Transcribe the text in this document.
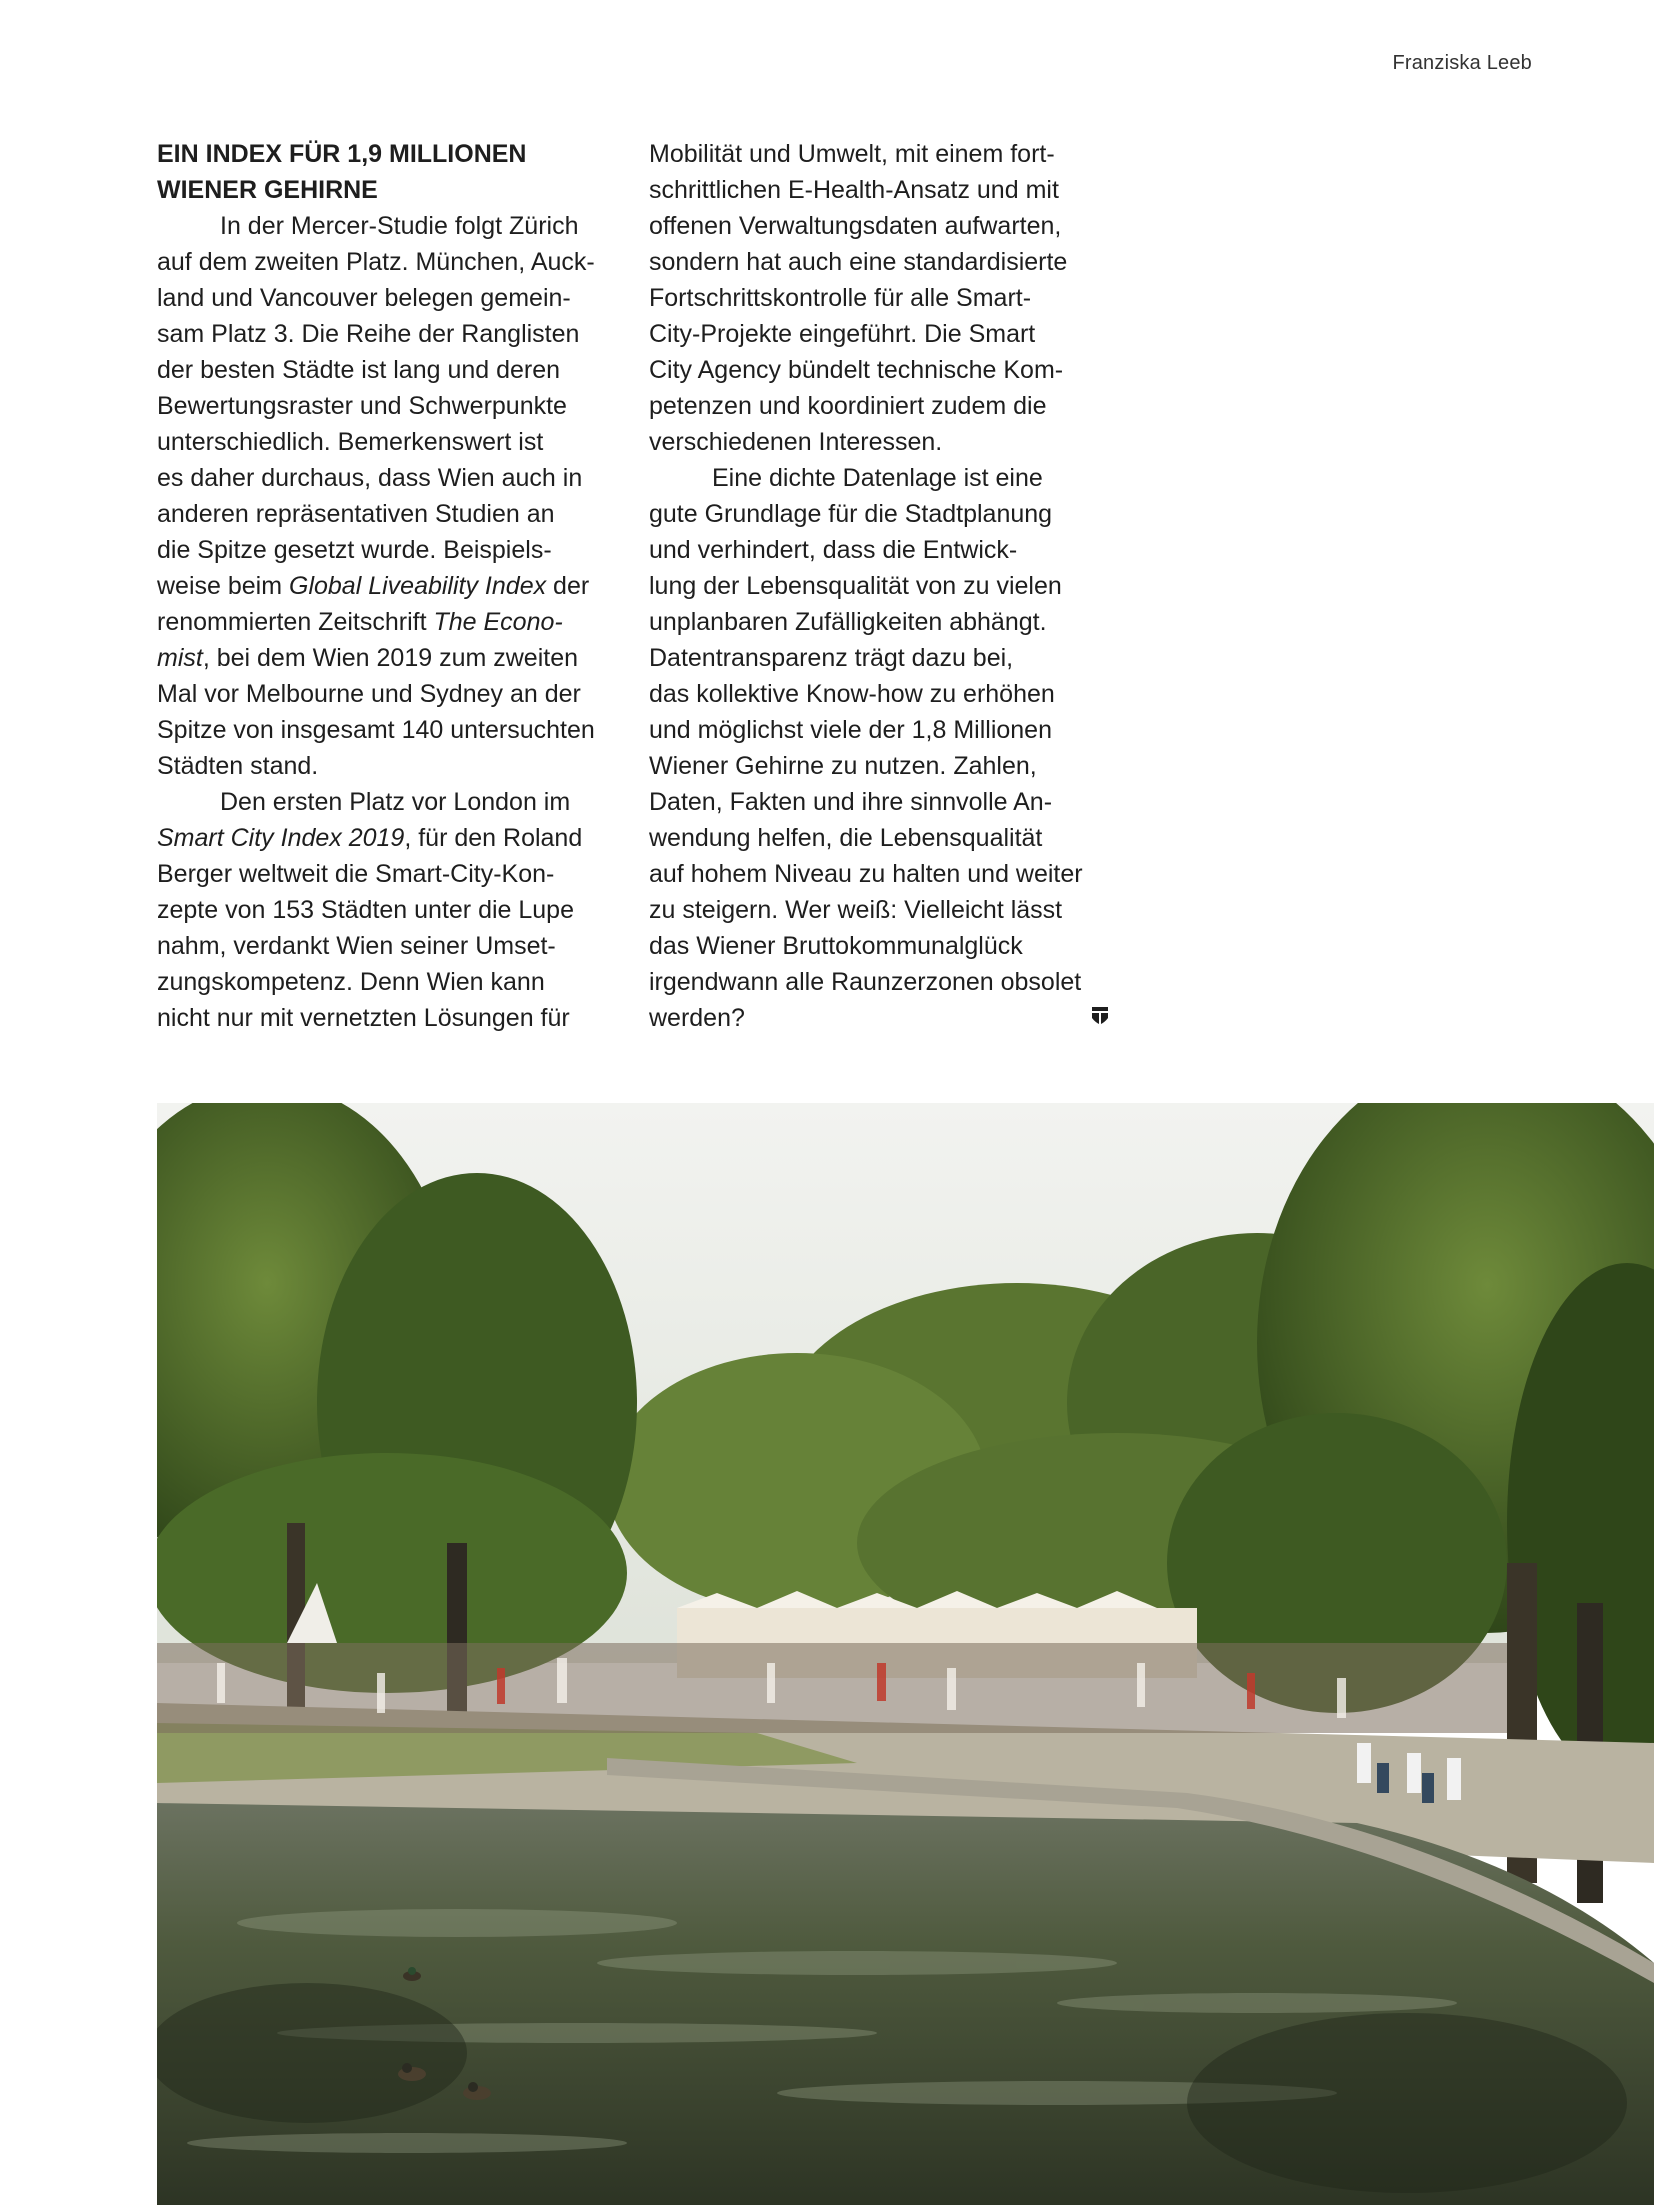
Franziska Leeb
EIN INDEX FÜR 1,9 MILLIONEN
WIENER GEHIRNE
In der Mercer-Studie folgt Zürich
auf dem zweiten Platz. München, Auck-
land und Vancouver belegen gemein-
sam Platz 3. Die Reihe der Ranglisten
der besten Städte ist lang und deren
Bewertungsraster und Schwerpunkte
unterschiedlich. Bemerkenswert ist
es daher durchaus, dass Wien auch in
anderen repräsentativen Studien an
die Spitze gesetzt wurde. Beispiels-
weise beim Global Liveability Index der
renommierten Zeitschrift The Econo-
mist, bei dem Wien 2019 zum zweiten
Mal vor Melbourne und Sydney an der
Spitze von insgesamt 140 untersuchten
Städten stand.
Den ersten Platz vor London im
Smart City Index 2019, für den Roland
Berger weltweit die Smart-City-Kon-
zepte von 153 Städten unter die Lupe
nahm, verdankt Wien seiner Umset-
zungskompetenz. Denn Wien kann
nicht nur mit vernetzten Lösungen für
Mobilität und Umwelt, mit einem fort-
schrittlichen E-Health-Ansatz und mit
offenen Verwaltungsdaten aufwarten,
sondern hat auch eine standardisierte
Fortschrittskontrolle für alle Smart-
City-Projekte eingeführt. Die Smart
City Agency bündelt technische Kom-
petenzen und koordiniert zudem die
verschiedenen Interessen.
Eine dichte Datenlage ist eine
gute Grundlage für die Stadtplanung
und verhindert, dass die Entwick-
lung der Lebensqualität von zu vielen
unplanbaren Zufälligkeiten abhängt.
Datentransparenz trägt dazu bei,
das kollektive Know-how zu erhöhen
und möglichst viele der 1,8 Millionen
Wiener Gehirne zu nutzen. Zahlen,
Daten, Fakten und ihre sinnvolle An-
wendung helfen, die Lebensqualität
auf hohem Niveau zu halten und weiter
zu steigern. Wer weiß: Vielleicht lässt
das Wiener Bruttokommunalglück
irgendwann alle Raunzerzonen obsolet
werden?
